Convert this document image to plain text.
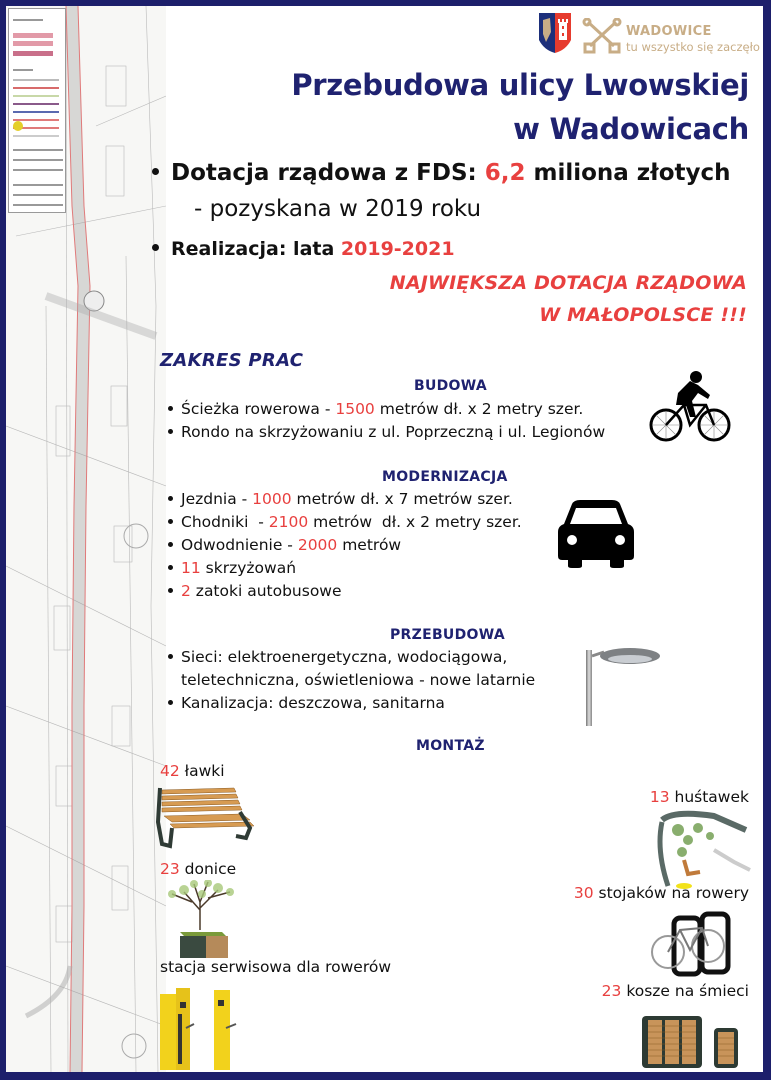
WADOWICE
tu wszystko się zaczęło
Przebudowa ulicy Lwowskiej
w Wadowicach
Dotacja rządowa z FDS: 6,2 miliona złotych
- pozyskana w 2019 roku
Realizacja: lata 2019-2021
NAJWIĘKSZA DOTACJA RZĄDOWA
W MAŁOPOLSCE !!!
ZAKRES PRAC
BUDOWA
Ścieżka rowerowa - 1500 metrów dł. x 2 metry szer.
Rondo na skrzyżowaniu z ul. Poprzeczną i ul. Legionów
MODERNIZACJA
Jezdnia - 1000 metrów dł. x 7 metrów szer.
Chodniki  - 2100 metrów  dł. x 2 metry szer.
Odwodnienie - 2000 metrów
11 skrzyżowań
2 zatoki autobusowe
PRZEBUDOWA
Sieci: elektroenergetyczna, wodociągowa,
teletechniczna, oświetleniowa - nowe latarnie
Kanalizacja: deszczowa, sanitarna
MONTAŻ
42 ławki
23 donice
stacja serwisowa dla rowerów
13 huśtawek
30 stojaków na rowery
23 kosze na śmieci
